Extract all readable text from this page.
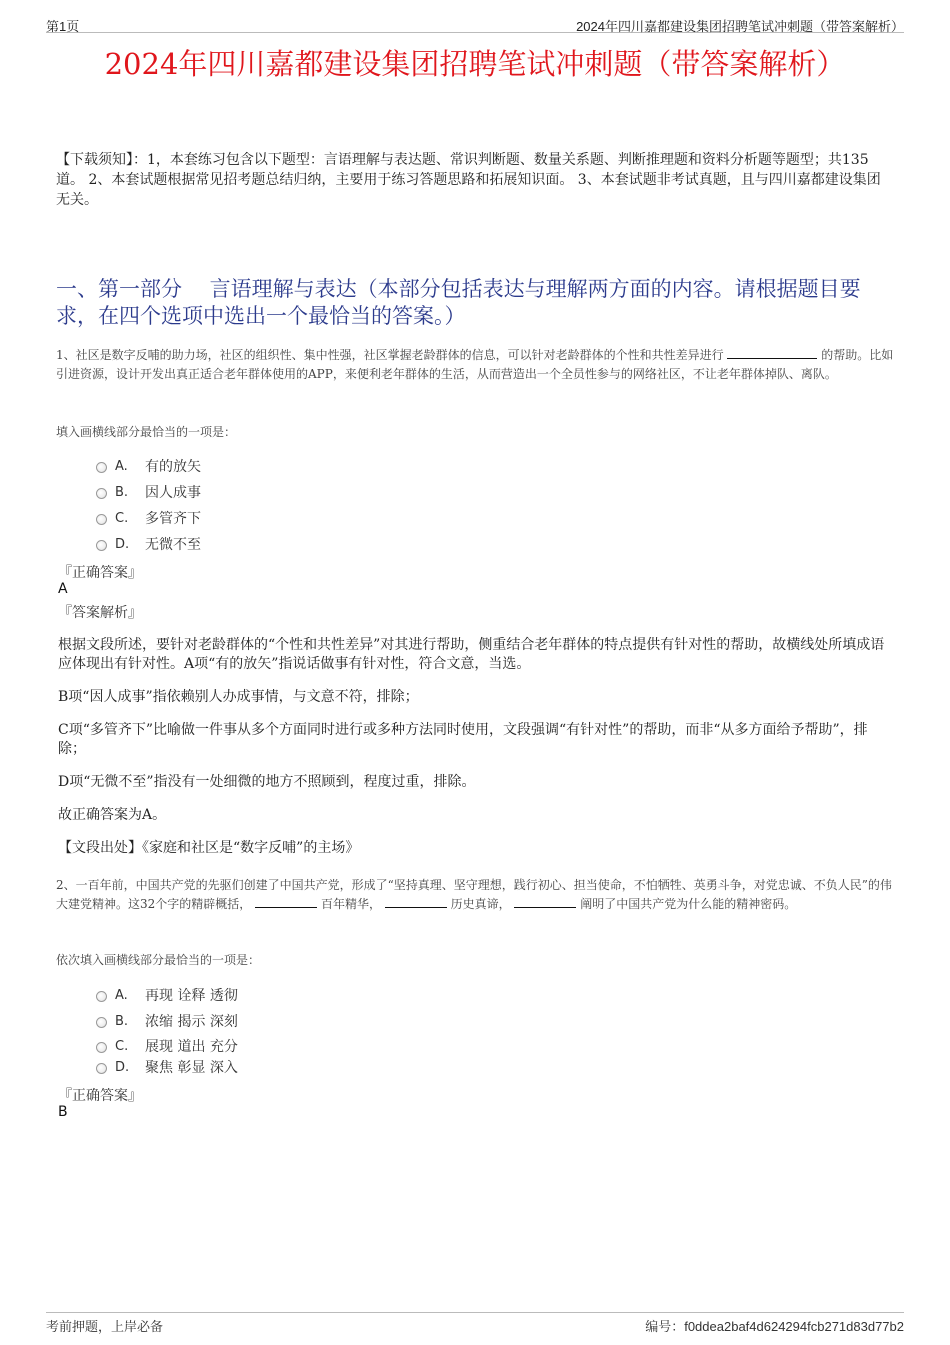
第1页	2024年四川嘉都建设集团招聘笔试冲刺题（带答案解析）
2024年四川嘉都建设集团招聘笔试冲刺题（带答案解析）
【下载须知】：1，本套练习包含以下题型：言语理解与表达题、常识判断题、数量关系题、判断推理题和资料分析题等题型；共135道。 2、本套试题根据常见招考题总结归纳，主要用于练习答题思路和拓展知识面。 3、本套试题非考试真题，且与四川嘉都建设集团无关。
一、第一部分　 言语理解与表达（本部分包括表达与理解两方面的内容。请根据题目要求，在四个选项中选出一个最恰当的答案。）
1、社区是数字反哺的助力场，社区的组织性、集中性强，社区掌握老龄群体的信息，可以针对老龄群体的个性和共性差异进行	的帮助。比如引进资源，设计开发出真正适合老年群体使用的APP，来便利老年群体的生活，从而营造出一个全员性参与的网络社区，不让老年群体掉队、离队。
填入画横线部分最恰当的一项是：
A.	有的放矢
B.	因人成事
C.	多管齐下
D.	无微不至
『正确答案』
A
『答案解析』
根据文段所述，要针对老龄群体的“个性和共性差异”对其进行帮助，侧重结合老年群体的特点提供有针对性的帮助，故横线处所填成语应体现出有针对性。A项“有的放矢”指说话做事有针对性，符合文意，当选。
B项“因人成事”指依赖别人办成事情，与文意不符，排除；
C项“多管齐下”比喻做一件事从多个方面同时进行或多种方法同时使用，文段强调“有针对性”的帮助，而非“从多方面给予帮助”，排除；
D项“无微不至”指没有一处细微的地方不照顾到，程度过重，排除。
故正确答案为A。
【文段出处】《家庭和社区是“数字反哺”的主场》
2、一百年前，中国共产党的先驱们创建了中国共产党，形成了“坚持真理、坚守理想，践行初心、担当使命，不怕牺牲、英勇斗争，对党忠诚、不负人民”的伟大建党精神。这32个字的精辟概括，	百年精华，	历史真谛，	阐明了中国共产党为什么能的精神密码。
依次填入画横线部分最恰当的一项是：
A.	再现 诠释 透彻
B.	浓缩 揭示 深刻
C.	展现 道出 充分
D.	聚焦 彰显 深入
『正确答案』
B
考前押题，上岸必备	编号：f0ddea2baf4d624294fcb271d83d77b2
